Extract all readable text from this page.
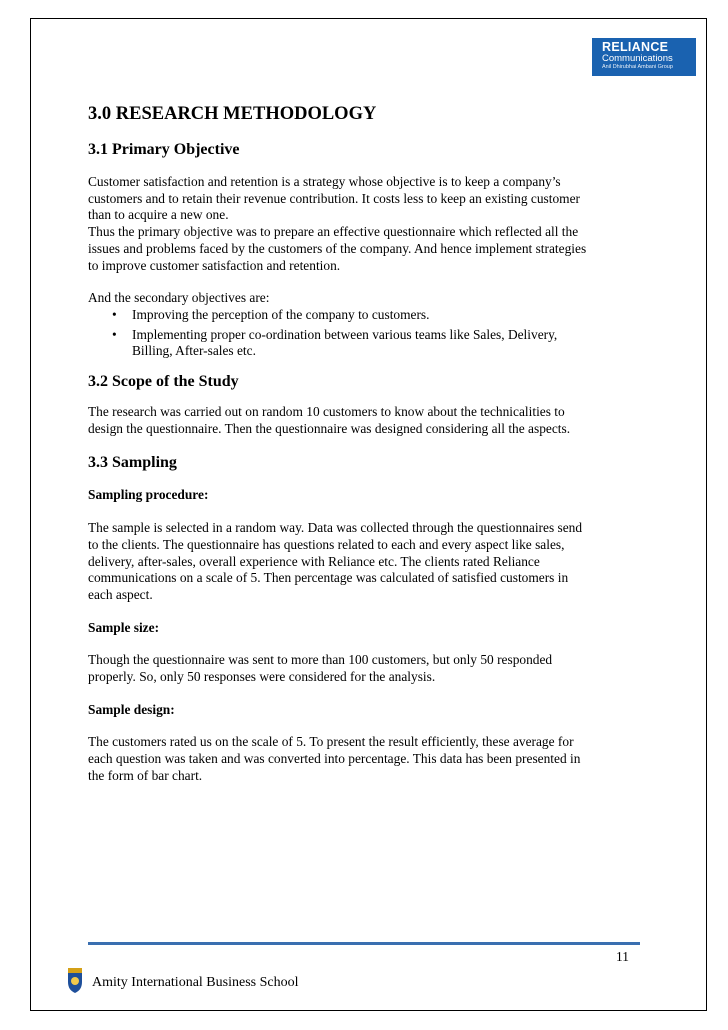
RELIANCE
Communications
Anil Dhirubhai Ambani Group
3.0 RESEARCH METHODOLOGY
3.1 Primary Objective

Customer satisfaction and retention is a strategy whose objective is to keep a company’s
customers and to retain their revenue contribution. It costs less to keep an existing customer
than to acquire a new one.
Thus the primary objective was to prepare an effective questionnaire which reflected all the
issues and problems faced by the customers of the company. And hence implement strategies
to improve customer satisfaction and retention.

And the secondary objectives are:

• Improving the perception of the company to customers.
• Implementing proper co-ordination between various teams like Sales, Delivery,
Billing, After-sales etc.
3.2 Scope of the Study

The research was carried out on random 10 customers to know about the technicalities to
design the questionnaire. Then the questionnaire was designed considering all the aspects.

3.3 Sampling

Sampling procedure:

The sample is selected in a random way. Data was collected through the questionnaires send
to the clients. The questionnaire has questions related to each and every aspect like sales,
delivery, after-sales, overall experience with Reliance etc. The clients rated Reliance
communications on a scale of 5. Then percentage was calculated of satisfied customers in
each aspect.

Sample size:

Though the questionnaire was sent to more than 100 customers, but only 50 responded
properly. So, only 50 responses were considered for the analysis.

Sample design:

The customers rated us on the scale of 5. To present the result efficiently, these average for
each question was taken and was converted into percentage. This data has been presented in
the form of bar chart.

11
Amity International Business School
